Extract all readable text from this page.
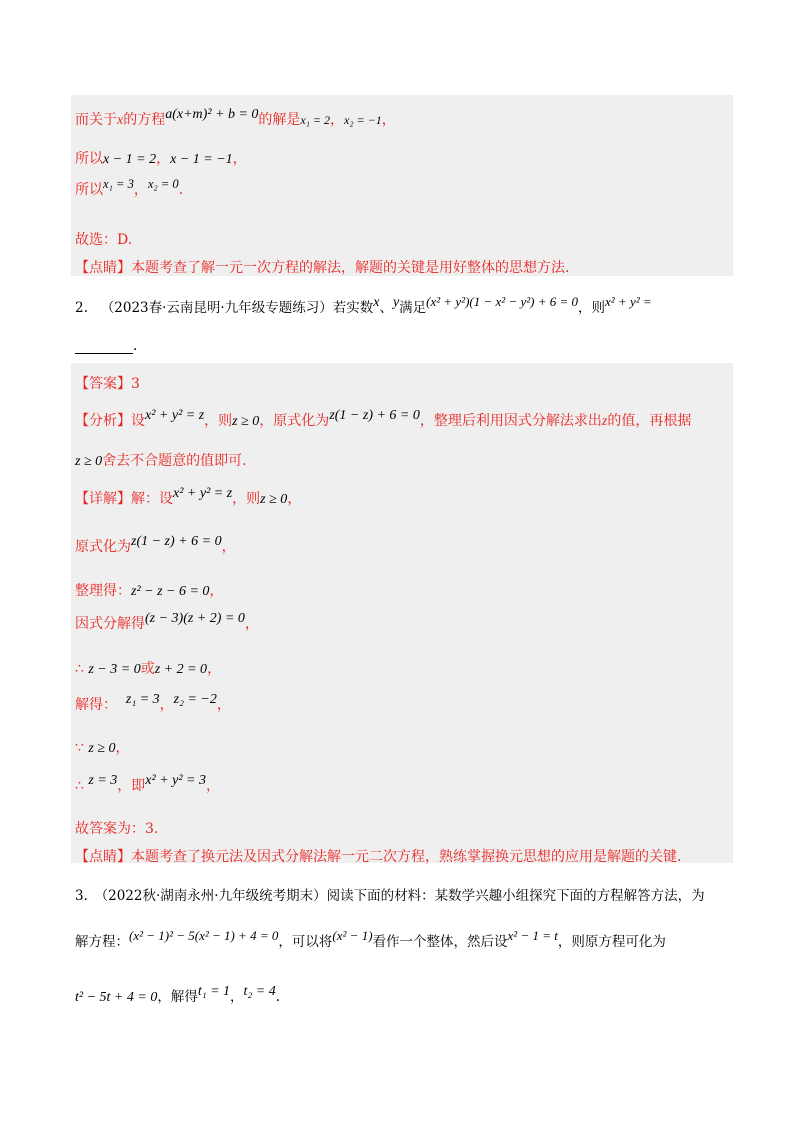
而关于x的方程a(x+m)² + b = 0的解是x₁ = 2，x₂ = −1，
所以x − 1 = 2，x − 1 = −1，
所以x₁ = 3，x₂ = 0.
故选：D.
【点睛】本题考查了解一元一次方程的解法，解题的关键是用好整体的思想方法.
2. （2023春·云南昆明·九年级专题练习）若实数x、y满足(x² + y²)(1 − x² − y²) + 6 = 0，则x² + y² =
.
【答案】3
【分析】设x² + y² = z，则z ≥ 0，原式化为z(1 − z) + 6 = 0，整理后利用因式分解法求出z的值，再根据
z ≥ 0舍去不合题意的值即可.
【详解】解：设x² + y² = z，则z ≥ 0，
原式化为z(1 − z) + 6 = 0，
整理得：z² − z − 6 = 0，
因式分解得(z − 3)(z + 2) = 0，
∴ z − 3 = 0或z + 2 = 0，
解得： z₁ = 3，z₂ = −2，
∵ z ≥ 0，
∴ z = 3，即x² + y² = 3，
故答案为：3.
【点睛】本题考查了换元法及因式分解法解一元二次方程，熟练掌握换元思想的应用是解题的关键.
3.　（2022秋·湖南永州·九年级统考期末）阅读下面的材料：某数学兴趣小组探究下面的方程解答方法，为
解方程：(x² − 1)² − 5(x² − 1) + 4 = 0，可以将(x² − 1)看作一个整体，然后设x² − 1 = t，则原方程可化为
t² − 5t + 4 = 0，解得t₁ = 1，t₂ = 4.
